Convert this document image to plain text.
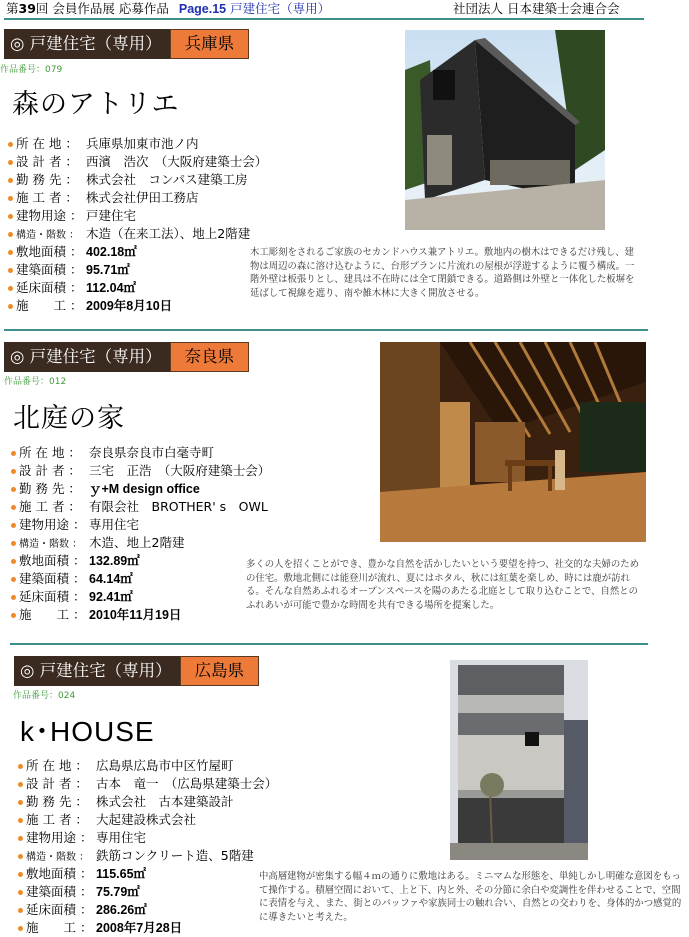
第39回 会員作品展 応募作品 Page.15 戸建住宅（専用）	社団法人 日本建築士会連合会
◎ 戸建住宅（専用）	兵庫県
作品番号：079
森のアトリエ
所 在 地 ： 兵庫県加東市池ノ内
設 計 者 ： 西濱　浩次　（大阪府建築士会）
勤 務 先 ： 株式会社　コンパス建築工房
施 工 者 ： 株式会社伊田工務店
建物用途 ： 戸建住宅
構造・階数 ： 木造（在来工法）、地上2階建
敷地面積 ： 402.18㎡
建築面積 ： 95.71㎡
延床面積 ： 112.04㎡
施　　工 ： 2009年8月10日
木工彫刻をされるご家族のセカンドハウス兼アトリエ。敷地内の樹木はできるだけ残し、建物は周辺の森に溶け込むように、台形プランに片流れの屋根が浮遊するように覆う構成。一階外壁は板張りとし、建具は不在時には全て閉鎖できる。道路側は外壁と一体化した板塀を延ばして視線を遮り、南や雑木林に大きく開放させる。
◎ 戸建住宅（専用）	奈良県
作品番号：012
北庭の家
所 在 地 ： 奈良県奈良市白毫寺町
設 計 者 ： 三宅　正浩　（大阪府建築士会）
勤 務 先 ： ｙ+M design office
施 工 者 ： 有限会社　BROTHER' s　OWL
建物用途 ： 専用住宅
構造・階数 ： 木造、地上2階建
敷地面積 ： 132.89㎡
建築面積 ： 64.14㎡
延床面積 ： 92.41㎡
施　　工 ： 2010年11月19日
多くの人を招くことができ、豊かな自然を活かしたいという要望を持つ、社交的な夫婦のための住宅。敷地北側には能登川が流れ、夏にはホタル、秋には紅葉を楽しめ、時には鹿が訪れる。そんな自然あふれるオープンスペースを陽のあたる北庭として取り込むことで、自然とのふれあいが可能で豊かな時間を共有できる場所を提案した。
◎ 戸建住宅（専用）	広島県
作品番号：024
k･HOUSE
所 在 地 ： 広島県広島市中区竹屋町
設 計 者 ： 古本　竜一　（広島県建築士会）
勤 務 先 ： 株式会社　古本建築設計
施 工 者 ： 大起建設株式会社
建物用途 ： 専用住宅
構造・階数 ： 鉄筋コンクリート造、5階建
敷地面積 ： 115.65㎡
建築面積 ： 75.79㎡
延床面積 ： 286.26㎡
施　　工 ： 2008年7月28日
中高層建物が密集する幅４ｍの通りに敷地はある。ミニマムな形態を、単純しかし明確な意図をもって操作する。積層空間において、上と下、内と外、その分節に余白や変調性を伴わせることで、空間に表情を与え、また、街とのバッファや家族同士の触れ合い、自然との交わりを、身体的かつ感覚的に導きたいと考えた。
